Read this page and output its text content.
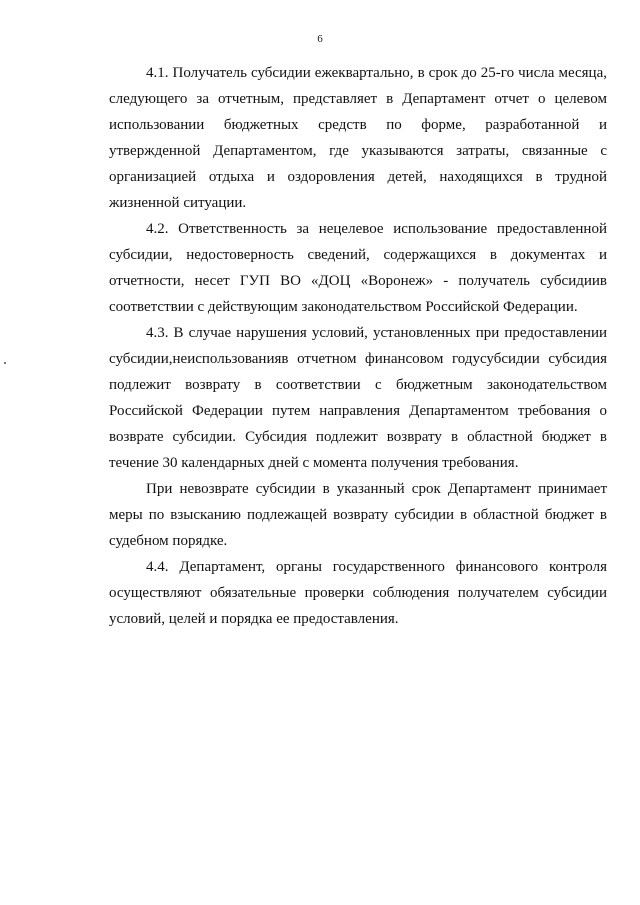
6

4.1. Получатель субсидии ежеквартально, в срок до 25-го числа месяца, следующего за отчетным, представляет в Департамент отчет о целевом использовании бюджетных средств по форме, разработанной и утвержденной Департаментом, где указываются затраты, связанные с организацией отдыха и оздоровления детей, находящихся в трудной жизненной ситуации.

4.2. Ответственность за нецелевое использование предоставленной субсидии, недостоверность сведений, содержащихся в документах и отчетности, несет ГУП ВО «ДОЦ «Воронеж» - получатель субсидиив соответствии с действующим законодательством Российской Федерации.

4.3. В случае нарушения условий, установленных при предоставлении субсидии,неиспользованияв отчетном финансовом годусубсидии субсидия подлежит возврату в соответствии с бюджетным законодательством Российской Федерации путем направления Департаментом требования о возврате субсидии. Субсидия подлежит возврату в областной бюджет в течение 30 календарных дней с момента получения требования.

При невозврате субсидии в указанный срок Департамент принимает меры по взысканию подлежащей возврату субсидии в областной бюджет в судебном порядке.

4.4. Департамент, органы государственного финансового контроля осуществляют обязательные проверки соблюдения получателем субсидии условий, целей и порядка ее предоставления.
